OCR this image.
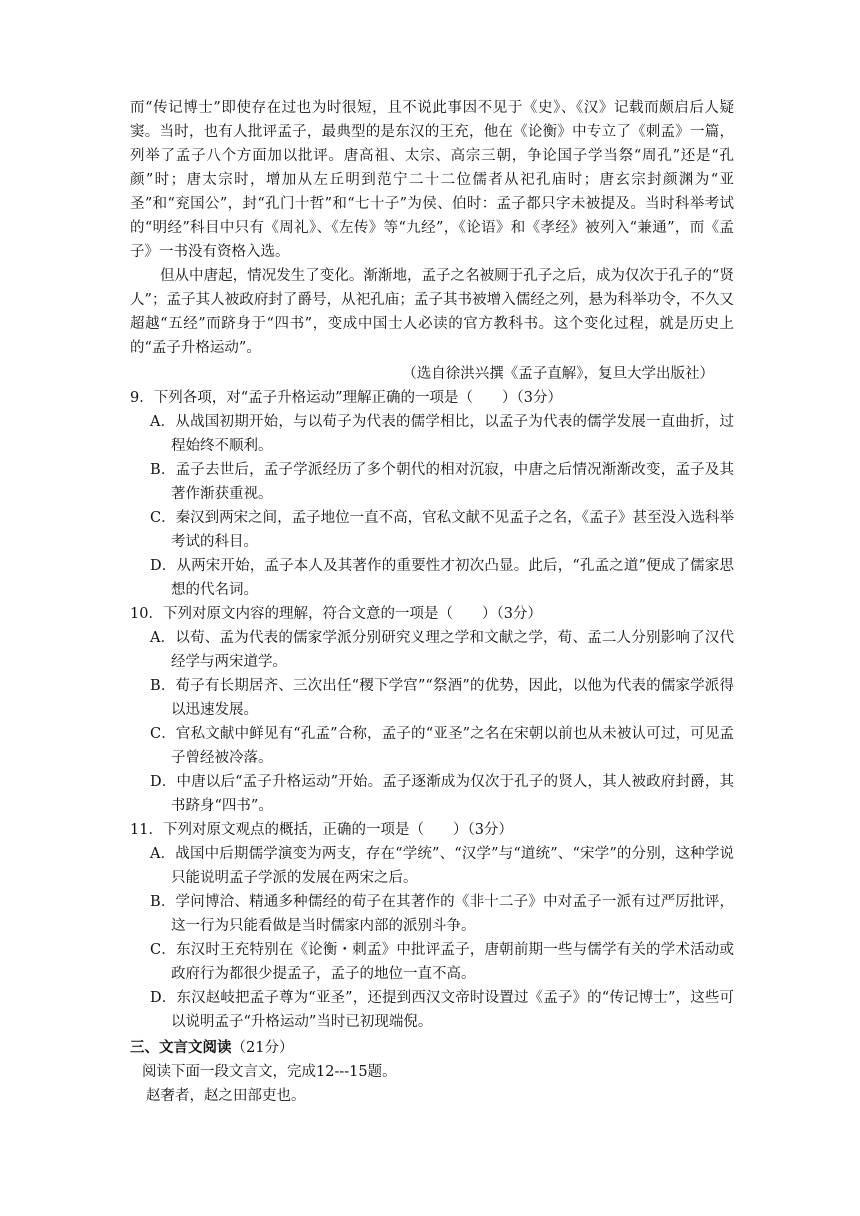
而“传记博士”即使存在过也为时很短，且不说此事因不见于《史》、《汉》记载而颇启后人疑窦。当时，也有人批评孟子，最典型的是东汉的王充，他在《论衡》中专立了《刺孟》一篇，列举了孟子八个方面加以批评。唐高祖、太宗、高宗三朝，争论国子学当祭“周孔”还是“孔颜”时；唐太宗时，增加从左丘明到范宁二十二位儒者从祀孔庙时；唐玄宗封颜渊为“亚圣”和“兖国公”，封“孔门十哲”和“七十子”为侯、伯时：孟子都只字未被提及。当时科举考试的“明经”科目中只有《周礼》、《左传》等“九经”，《论语》和《孝经》被列入“兼通”，而《孟子》一书没有资格入选。

但从中唐起，情况发生了变化。渐渐地，孟子之名被厕于孔子之后，成为仅次于孔子的“贤人”；孟子其人被政府封了爵号，从祀孔庙；孟子其书被增入儒经之列，悬为科举功令，不久又超越“五经”而跻身于“四书”，变成中国士人必读的官方教科书。这个变化过程，就是历史上的“孟子升格运动”。

（选自徐洪兴撰《孟子直解》，复旦大学出版社）

9．下列各项，对“孟子升格运动”理解正确的一项是（　　）（3分）

A．从战国初期开始，与以荀子为代表的儒学相比，以孟子为代表的儒学发展一直曲折，过程始终不顺利。

B．孟子去世后，孟子学派经历了多个朝代的相对沉寂，中唐之后情况渐渐改变，孟子及其著作渐获重视。

C．秦汉到两宋之间，孟子地位一直不高，官私文献不见孟子之名，《孟子》甚至没入选科举考试的科目。

D．从两宋开始，孟子本人及其著作的重要性才初次凸显。此后，“孔孟之道”便成了儒家思想的代名词。

10．下列对原文内容的理解，符合文意的一项是（　　）（3分）

A．以荀、孟为代表的儒家学派分别研究义理之学和文献之学，荀、孟二人分别影响了汉代经学与两宋道学。

B．荀子有长期居齐、三次出任“稷下学宫”“祭酒”的优势，因此，以他为代表的儒家学派得以迅速发展。

C．官私文献中鲜见有“孔孟”合称，孟子的“亚圣”之名在宋朝以前也从未被认可过，可见孟子曾经被冷落。

D．中唐以后“孟子升格运动”开始。孟子逐渐成为仅次于孔子的贤人，其人被政府封爵，其书跻身“四书”。

11．下列对原文观点的概括，正确的一项是（　　）（3分）

A．战国中后期儒学演变为两支，存在“学统”、“汉学”与“道统”、“宋学”的分别，这种学说只能说明孟子学派的发展在两宋之后。

B．学问博洽、精通多种儒经的荀子在其著作的《非十二子》中对孟子一派有过严厉批评，这一行为只能看做是当时儒家内部的派别斗争。

C．东汉时王充特别在《论衡・刺孟》中批评孟子，唐朝前期一些与儒学有关的学术活动或政府行为都很少提孟子，孟子的地位一直不高。

D．东汉赵岐把孟子尊为“亚圣”，还提到西汉文帝时设置过《孟子》的“传记博士”，这些可以说明孟子“升格运动”当时已初现端倪。

三、文言文阅读（21分）

阅读下面一段文言文，完成12---15题。

赵奢者，赵之田部吏也。
